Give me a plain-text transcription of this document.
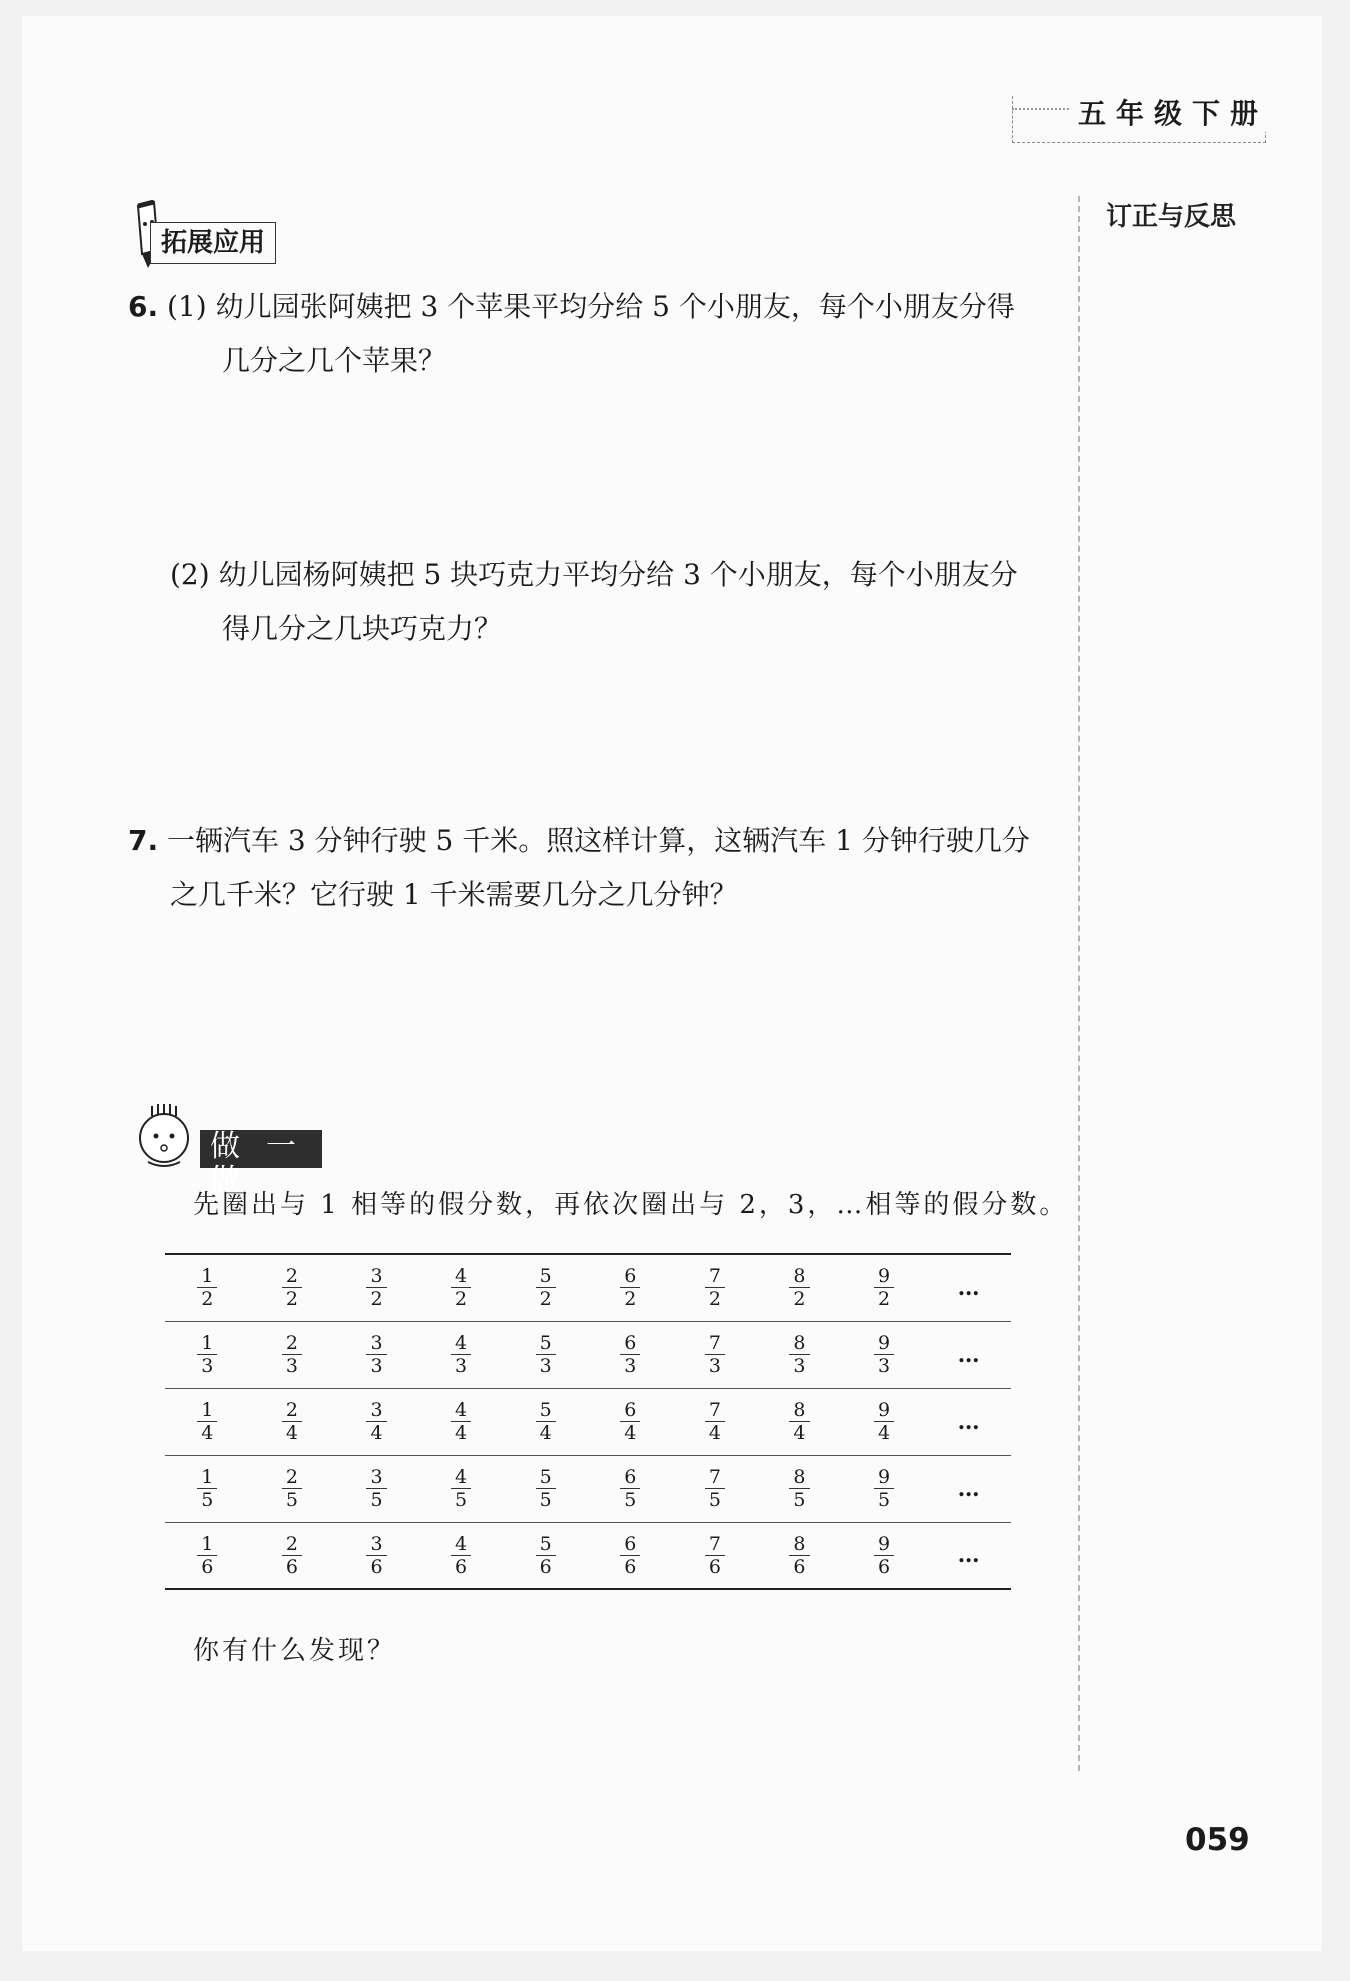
五年级下册
订正与反思
拓展应用
6. (1) 幼儿园张阿姨把 3 个苹果平均分给 5 个小朋友，每个小朋友分得
几分之几个苹果？
(2) 幼儿园杨阿姨把 5 块巧克力平均分给 3 个小朋友，每个小朋友分
得几分之几块巧克力？
7. 一辆汽车 3 分钟行驶 5 千米。照这样计算，这辆汽车 1 分钟行驶几分
之几千米？它行驶 1 千米需要几分之几分钟？
做一做
先圈出与 1 相等的假分数，再依次圈出与 2，3，…相等的假分数。
$\frac{1}{2}$	$\frac{2}{2}$	$\frac{3}{2}$	$\frac{4}{2}$	$\frac{5}{2}$	$\frac{6}{2}$	$\frac{7}{2}$	$\frac{8}{2}$	$\frac{9}{2}$	…

$\frac{1}{3}$	$\frac{2}{3}$	$\frac{3}{3}$	$\frac{4}{3}$	$\frac{5}{3}$	$\frac{6}{3}$	$\frac{7}{3}$	$\frac{8}{3}$	$\frac{9}{3}$	…

$\frac{1}{4}$	$\frac{2}{4}$	$\frac{3}{4}$	$\frac{4}{4}$	$\frac{5}{4}$	$\frac{6}{4}$	$\frac{7}{4}$	$\frac{8}{4}$	$\frac{9}{4}$	…

$\frac{1}{5}$	$\frac{2}{5}$	$\frac{3}{5}$	$\frac{4}{5}$	$\frac{5}{5}$	$\frac{6}{5}$	$\frac{7}{5}$	$\frac{8}{5}$	$\frac{9}{5}$	…

$\frac{1}{6}$	$\frac{2}{6}$	$\frac{3}{6}$	$\frac{4}{6}$	$\frac{5}{6}$	$\frac{6}{6}$	$\frac{7}{6}$	$\frac{8}{6}$	$\frac{9}{6}$	…
你有什么发现？
059
